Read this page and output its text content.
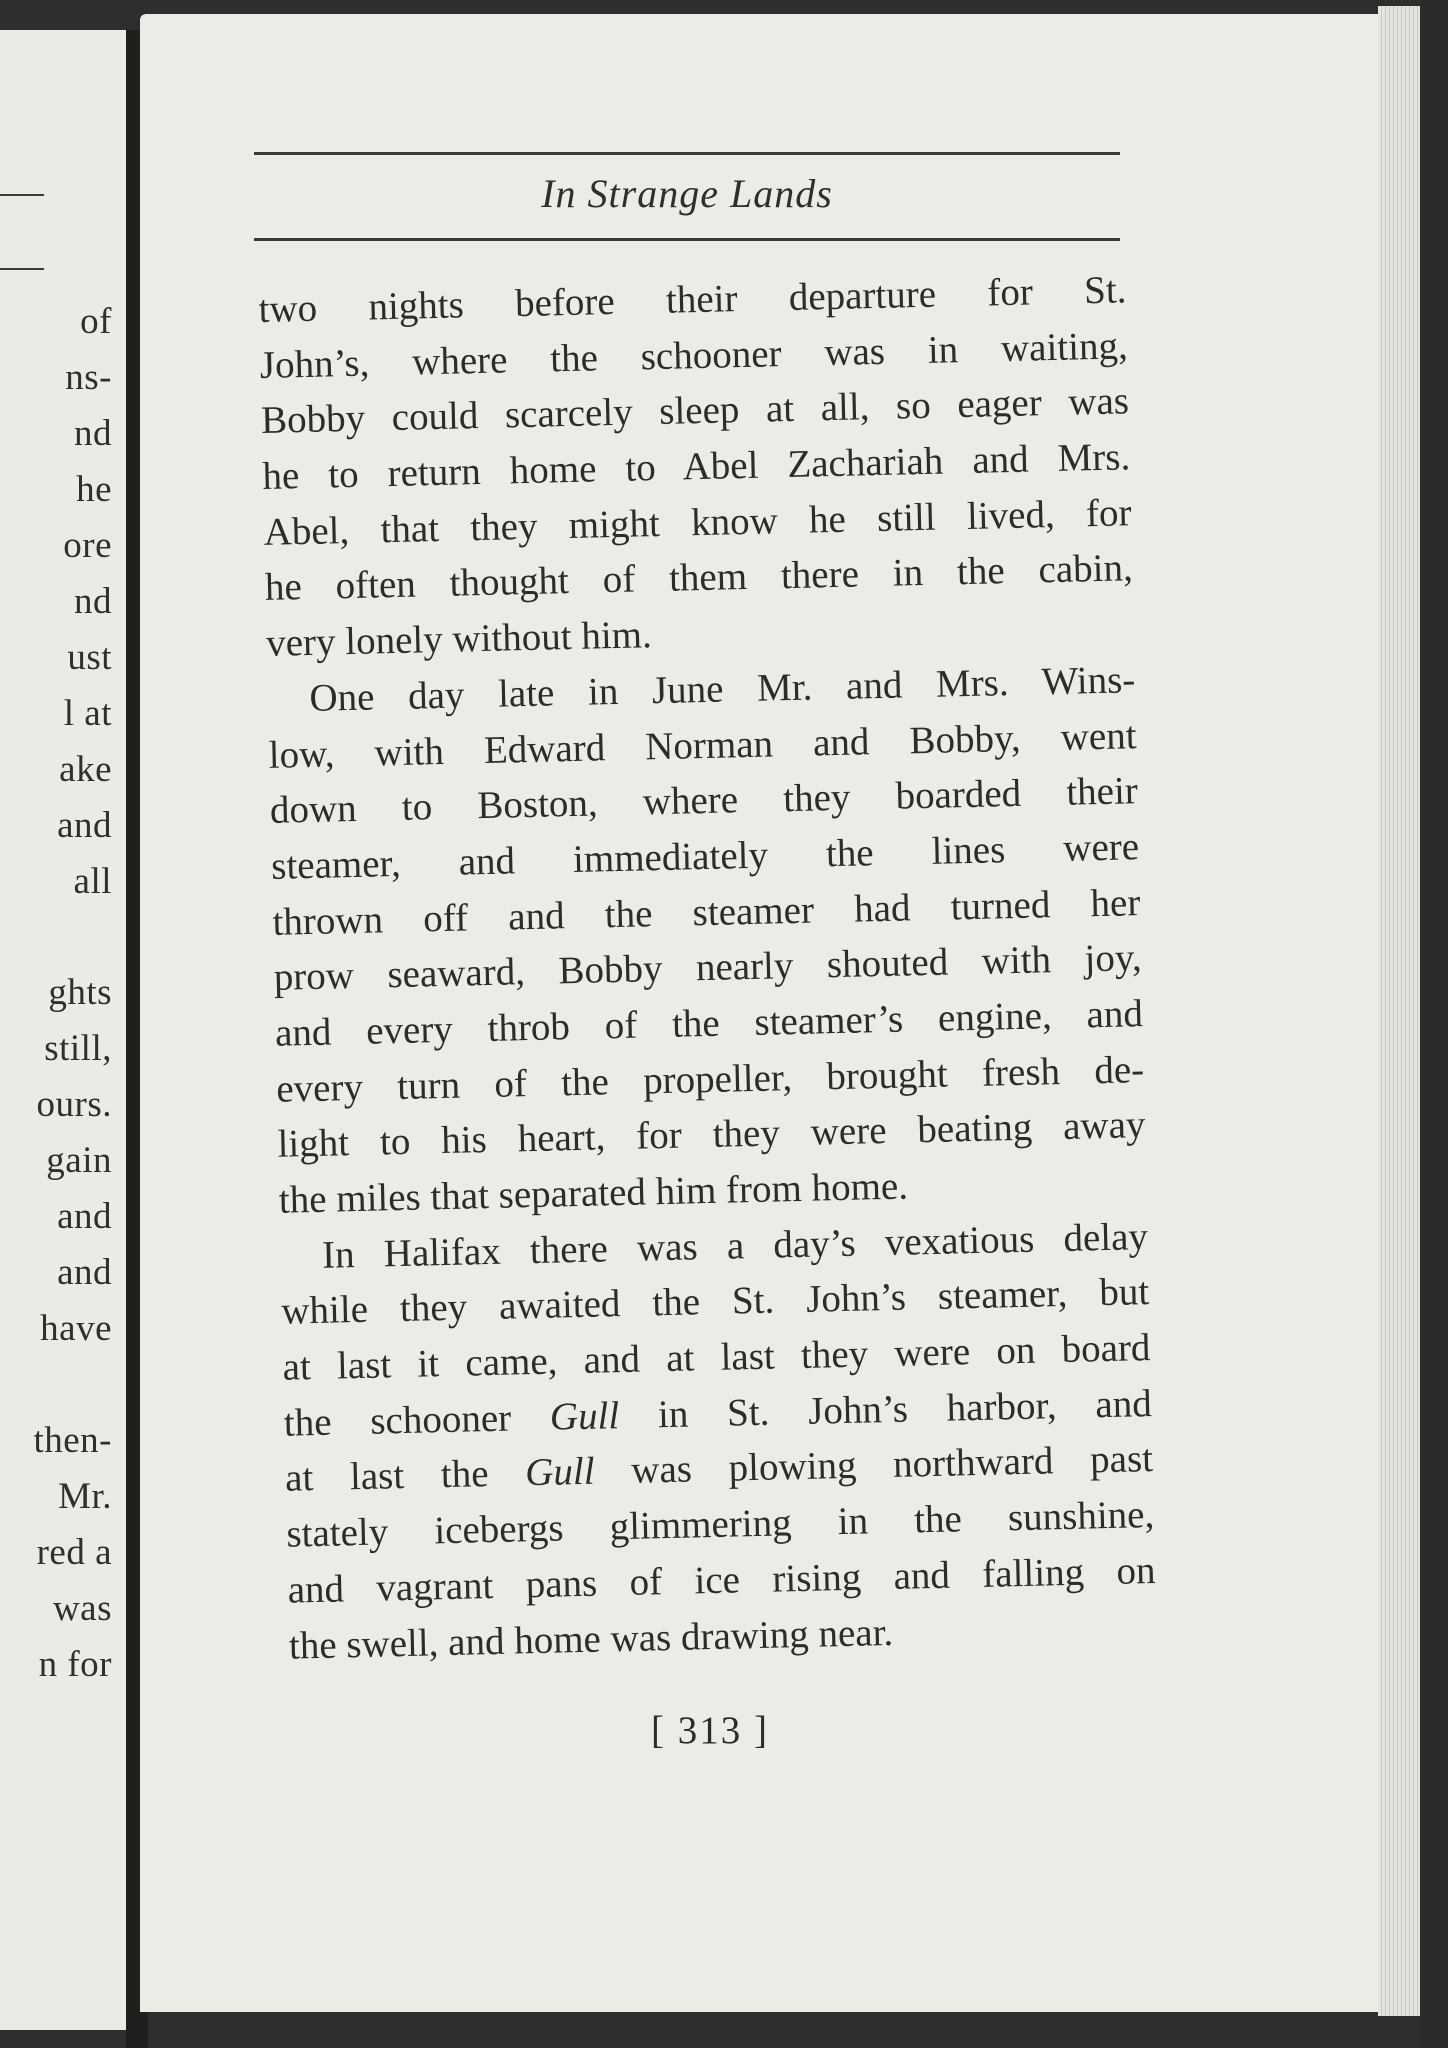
of
ns-
nd
he
ore
nd
ust
l at
ake
and
all
ghts
still,
ours.
gain
and
and
have
then-
Mr.
red a
was
n for
In Strange Lands
two nights before their departure for St.
John’s, where the schooner was in waiting,
Bobby could scarcely sleep at all, so eager was
he to return home to Abel Zachariah and Mrs.
Abel, that they might know he still lived, for
he often thought of them there in the cabin,
very lonely without him.
One day late in June Mr. and Mrs. Wins-
low, with Edward Norman and Bobby, went
down to Boston, where they boarded their
steamer, and immediately the lines were
thrown off and the steamer had turned her
prow seaward, Bobby nearly shouted with joy,
and every throb of the steamer’s engine, and
every turn of the propeller, brought fresh de-
light to his heart, for they were beating away
the miles that separated him from home.
In Halifax there was a day’s vexatious delay
while they awaited the St. John’s steamer, but
at last it came, and at last they were on board
the schooner Gull in St. John’s harbor, and
at last the Gull was plowing northward past
stately icebergs glimmering in the sunshine,
and vagrant pans of ice rising and falling on
the swell, and home was drawing near.
[ 313 ]
